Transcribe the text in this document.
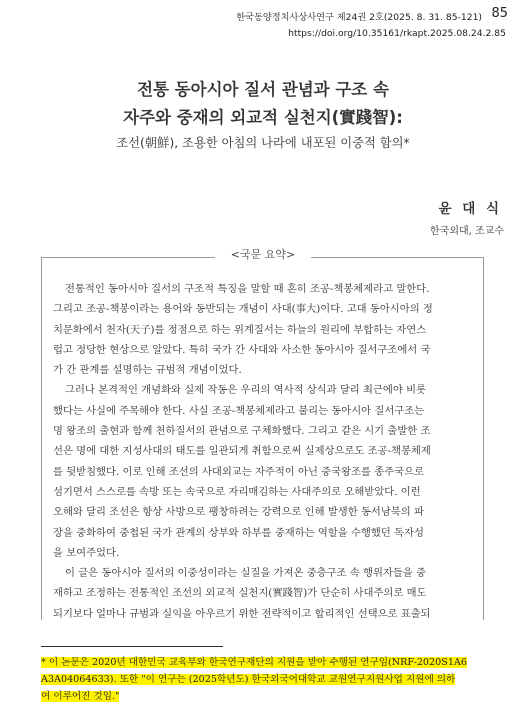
한국동양정치사상사연구 제24권 2호(2025. 8. 31. 85-121) 85
https://doi.org/10.35161/rkapt.2025.08.24.2.85
전통 동아시아 질서 관념과 구조 속
자주와 중재의 외교적 실천지(實踐智):
조선(朝鮮), 조용한 아침의 나라에 내포된 이중적 함의*
윤 대 식
한국외대, 조교수
<국문 요약>
전통적인 동아시아 질서의 구조적 특징을 말할 때 흔히 조공-책봉체제라고 말한다.
그리고 조공-책봉이라는 용어와 동반되는 개념이 사대(事大)이다. 고대 동아시아의 정
치문화에서 천자(天子)를 정점으로 하는 위계질서는 하늘의 원리에 부합하는 자연스
럽고 정당한 현상으로 알았다. 특히 국가 간 사대와 사소한 동아시아 질서구조에서 국
가 간 관계를 설명하는 규범적 개념이었다.
그러나 본격적인 개념화와 실제 작동은 우리의 역사적 상식과 달리 최근에야 비롯
했다는 사실에 주목해야 한다. 사실 조공-책봉체제라고 불리는 동아시아 질서구조는
명 왕조의 출현과 함께 천하질서의 관념으로 구체화했다. 그리고 같은 시기 출발한 조
선은 명에 대한 지성사대의 태도를 일관되게 취함으로써 실제상으로도 조공-책봉체제
를 뒷받침했다. 이로 인해 조선의 사대외교는 자주적이 아닌 중국왕조를 종주국으로
섬기면서 스스로를 속방 또는 속국으로 자리매김하는 사대주의로 오해받았다. 이런
오해와 달리 조선은 항상 사방으로 팽창하려는 강력으로 인해 발생한 동서남북의 파
장을 중화하여 중첩된 국가 관계의 상부와 하부를 중재하는 역할을 수행했던 독자성
을 보여주었다.
이 글은 동아시아 질서의 이중성이라는 실질을 가져온 중층구조 속 행위자들을 중
재하고 조정하는 전통적인 조선의 외교적 실천지(實踐智)가 단순히 사대주의로 매도
되기보다 얼마나 규범과 실익을 아우르기 위한 전략적이고 합리적인 선택으로 표출되
* 이 논문은 2020년 대한민국 교육부와 한국연구재단의 지원을 받아 수행된 연구임(NRF-2020S1A6
A3A04064633). 또한 "이 연구는 (2025학년도) 한국외국어대학교 교원연구지원사업 지원에 의하
여 이루어진 것임."
